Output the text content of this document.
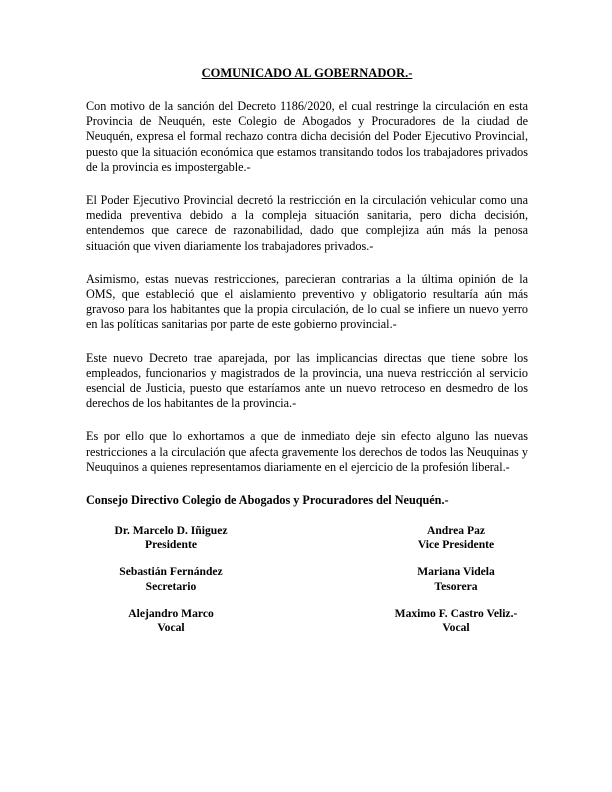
COMUNICADO AL GOBERNADOR.-

Con motivo de la sanción del Decreto 1186/2020, el cual restringe la circulación en esta Provincia de Neuquén, este Colegio de Abogados y Procuradores de la ciudad de Neuquén, expresa el formal rechazo contra dicha decisión del Poder Ejecutivo Provincial, puesto que la situación económica que estamos transitando todos los trabajadores privados de la provincia es impostergable.-

El Poder Ejecutivo Provincial decretó la restricción en la circulación vehicular como una medida preventiva debido a la compleja situación sanitaria, pero dicha decisión, entendemos que carece de razonabilidad, dado que complejiza aún más la penosa situación que viven diariamente los trabajadores privados.-

Asimismo, estas nuevas restricciones, parecieran contrarias a la última opinión de la OMS, que estableció que el aislamiento preventivo y obligatorio resultaría aún más gravoso para los habitantes que la propia circulación, de lo cual se infiere un nuevo yerro en las políticas sanitarias por parte de este gobierno provincial.-

Este nuevo Decreto trae aparejada, por las implicancias directas que tiene sobre los empleados, funcionarios y magistrados de la provincia, una nueva restricción al servicio esencial de Justicia, puesto que estaríamos ante un nuevo retroceso en desmedro de los derechos de los habitantes de la provincia.-

Es por ello que lo exhortamos a que de inmediato deje sin efecto alguno las nuevas restricciones a la circulación que afecta gravemente los derechos de todos las Neuquinas y Neuquinos a quienes representamos diariamente en el ejercicio de la profesión liberal.-

Consejo Directivo Colegio de Abogados y Procuradores del Neuquén.-
Dr. Marcelo D. Iñiguez
Presidente
Andrea Paz
Vice Presidente
Sebastián Fernández
Secretario
Mariana Videla
Tesorera
Alejandro Marco
Vocal
Maximo F. Castro Veliz.-
Vocal
